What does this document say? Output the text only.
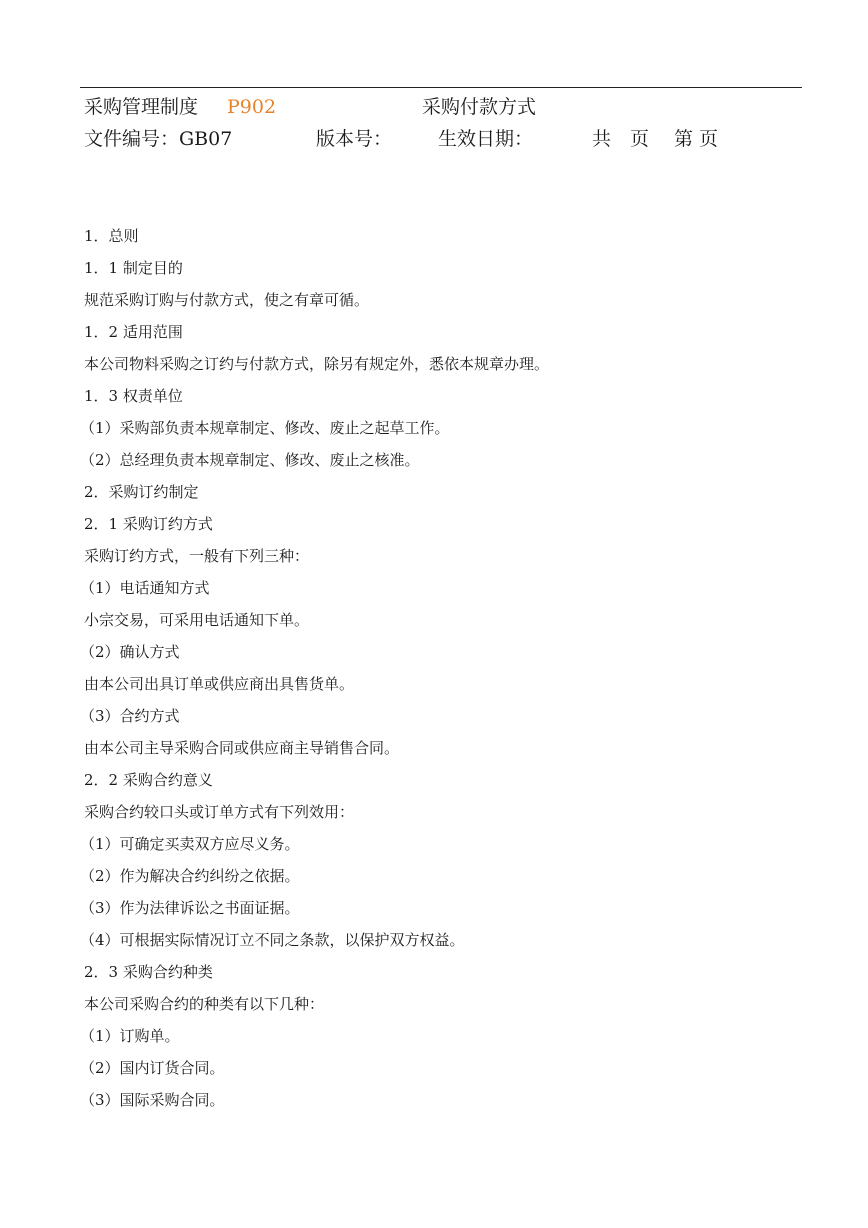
采购管理制度 P902	采购付款方式
文件编号：GB07	版本号： 生效日期：	共　页 第 页
1．总则
1．1 制定目的
规范采购订购与付款方式，使之有章可循。
1．2 适用范围
本公司物料采购之订约与付款方式，除另有规定外，悉依本规章办理。
1．3 权责单位
（1）采购部负责本规章制定、修改、废止之起草工作。
（2）总经理负责本规章制定、修改、废止之核准。
2．采购订约制定
2．1 采购订约方式
采购订约方式，一般有下列三种：
（1）电话通知方式
小宗交易，可采用电话通知下单。
（2）确认方式
由本公司出具订单或供应商出具售货单。
（3）合约方式
由本公司主导采购合同或供应商主导销售合同。
2．2 采购合约意义
采购合约较口头或订单方式有下列效用：
（1）可确定买卖双方应尽义务。
（2）作为解决合约纠纷之依据。
（3）作为法律诉讼之书面证据。
（4）可根据实际情况订立不同之条款，以保护双方权益。
2．3 采购合约种类
本公司采购合约的种类有以下几种：
（1）订购单。
（2）国内订货合同。
（3）国际采购合同。
